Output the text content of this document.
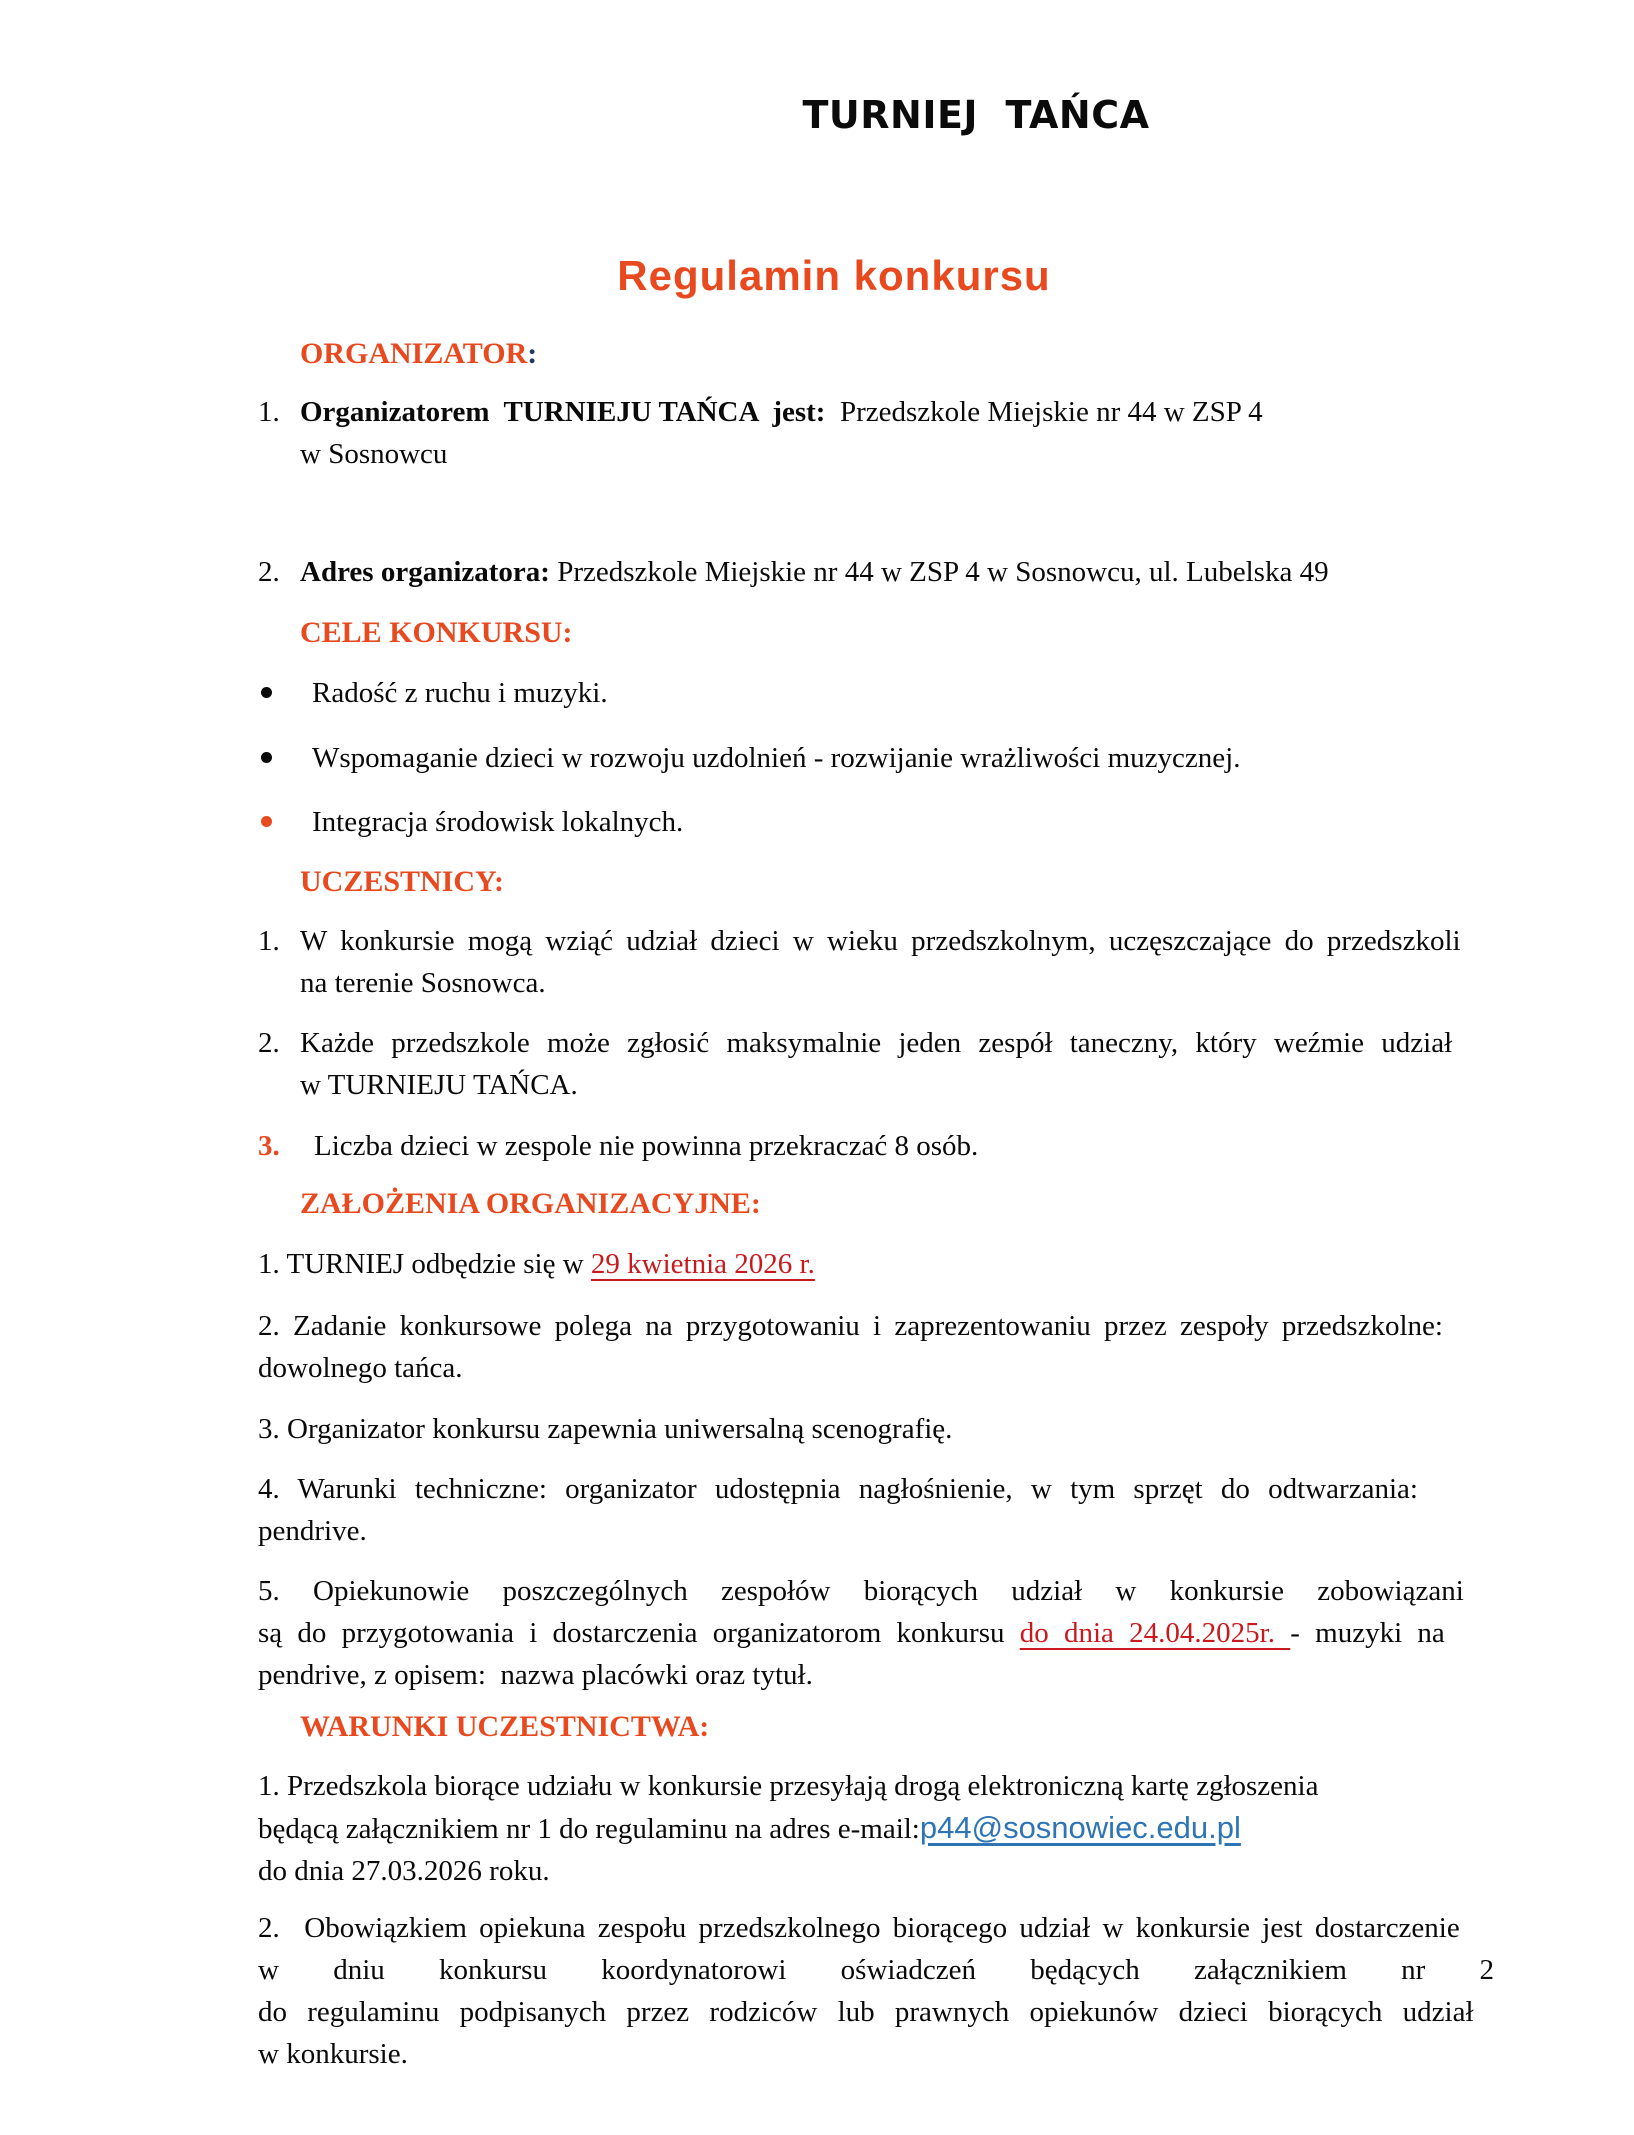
TURNIEJ  TAŃCA
Regulamin konkursu
ORGANIZATOR:
1. Organizatorem  TURNIEJU TAŃCA  jest:  Przedszkole Miejskie nr 44 w ZSP 4
w Sosnowcu
2. Adres organizatora: Przedszkole Miejskie nr 44 w ZSP 4 w Sosnowcu, ul. Lubelska 49
CELE KONKURSU:
Radość z ruchu i muzyki.
Wspomaganie dzieci w rozwoju uzdolnień - rozwijanie wrażliwości muzycznej.
Integracja środowisk lokalnych.
UCZESTNICY:
1. W konkursie mogą wziąć udział dzieci w wieku przedszkolnym, uczęszczające do przedszkoli
na terenie Sosnowca.
2. Każde przedszkole może zgłosić maksymalnie jeden zespół taneczny, który weźmie udział
w TURNIEJU TAŃCA.
3. Liczba dzieci w zespole nie powinna przekraczać 8 osób.
ZAŁOŻENIA ORGANIZACYJNE:
1. TURNIEJ odbędzie się w 29 kwietnia 2026 r.
2. Zadanie konkursowe polega na przygotowaniu i zaprezentowaniu przez zespoły przedszkolne:
dowolnego tańca.
3. Organizator konkursu zapewnia uniwersalną scenografię.
4. Warunki techniczne: organizator udostępnia nagłośnienie, w tym sprzęt do odtwarzania:
pendrive.
5. Opiekunowie poszczególnych zespołów biorących udział w konkursie zobowiązani
są do przygotowania i dostarczenia organizatorom konkursu do dnia 24.04.2025r. - muzyki na
pendrive, z opisem:  nazwa placówki oraz tytuł.
WARUNKI UCZESTNICTWA:
1. Przedszkola biorące udziału w konkursie przesyłają drogą elektroniczną kartę zgłoszenia
będącą załącznikiem nr 1 do regulaminu na adres e-mail:p44@sosnowiec.edu.pl
do dnia 27.03.2026 roku.
2.  Obowiązkiem opiekuna zespołu przedszkolnego biorącego udział w konkursie jest dostarczenie
w dniu konkursu koordynatorowi oświadczeń będących załącznikiem nr 2
do regulaminu podpisanych przez rodziców lub prawnych opiekunów dzieci biorących udział
w konkursie.
